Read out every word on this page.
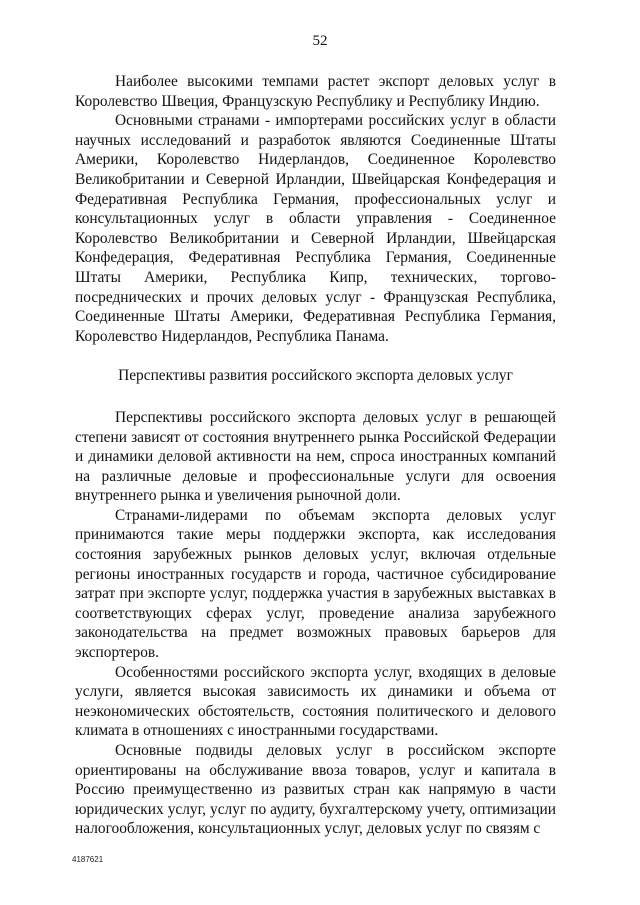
52

Наиболее высокими темпами растет экспорт деловых услуг в Королевство Швеция, Французскую Республику и Республику Индию.

Основными странами - импортерами российских услуг в области научных исследований и разработок являются Соединенные Штаты Америки, Королевство Нидерландов, Соединенное Королевство Великобритании и Северной Ирландии, Швейцарская Конфедерация и Федеративная Республика Германия, профессиональных услуг и консультационных услуг в области управления - Соединенное Королевство Великобритании и Северной Ирландии, Швейцарская Конфедерация, Федеративная Республика Германия, Соединенные Штаты Америки, Республика Кипр, технических, торгово-посреднических и прочих деловых услуг - Французская Республика, Соединенные Штаты Америки, Федеративная Республика Германия, Королевство Нидерландов, Республика Панама.

Перспективы развития российского экспорта деловых услуг

Перспективы российского экспорта деловых услуг в решающей степени зависят от состояния внутреннего рынка Российской Федерации и динамики деловой активности на нем, спроса иностранных компаний на различные деловые и профессиональные услуги для освоения внутреннего рынка и увеличения рыночной доли.

Странами-лидерами по объемам экспорта деловых услуг принимаются такие меры поддержки экспорта, как исследования состояния зарубежных рынков деловых услуг, включая отдельные регионы иностранных государств и города, частичное субсидирование затрат при экспорте услуг, поддержка участия в зарубежных выставках в соответствующих сферах услуг, проведение анализа зарубежного законодательства на предмет возможных правовых барьеров для экспортеров.

Особенностями российского экспорта услуг, входящих в деловые услуги, является высокая зависимость их динамики и объема от неэкономических обстоятельств, состояния политического и делового климата в отношениях с иностранными государствами.

Основные подвиды деловых услуг в российском экспорте ориентированы на обслуживание ввоза товаров, услуг и капитала в Россию преимущественно из развитых стран как напрямую в части юридических услуг, услуг по аудиту, бухгалтерскому учету, оптимизации налогообложения, консультационных услуг, деловых услуг по связям с

4187621
